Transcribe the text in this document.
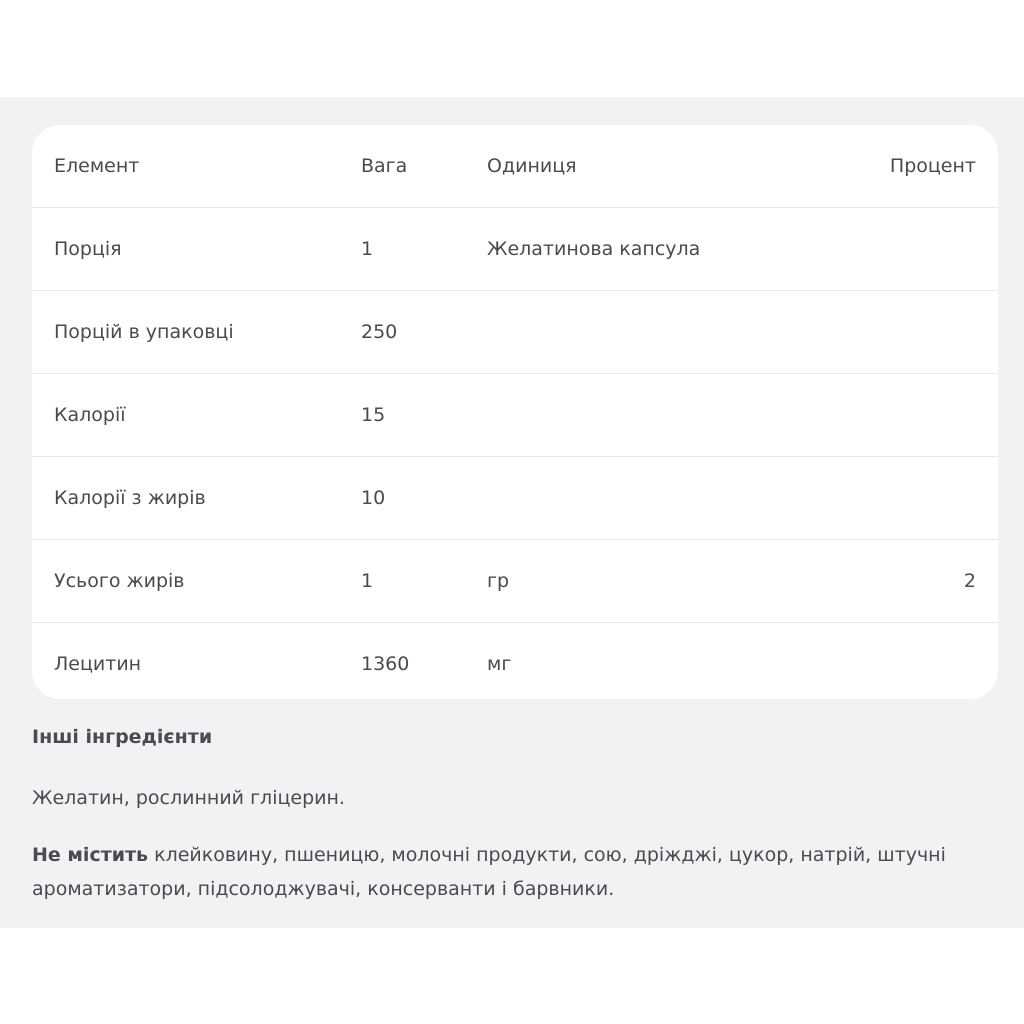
Елемент	Вага	Одиниця	Процент
Порція	1	Желатинова капсула
Порцій в упаковці	250
Калорії	15
Калорії з жирів	10
Усього жирів	1	гр	2
Лецитин	1360	мг
Інші інгредієнти
Желатин, рослинний гліцерин.
Не містить клейковину, пшеницю, молочні продукти, сою, дріжджі, цукор, натрій, штучні ароматизатори, підсолоджувачі, консерванти і барвники.
